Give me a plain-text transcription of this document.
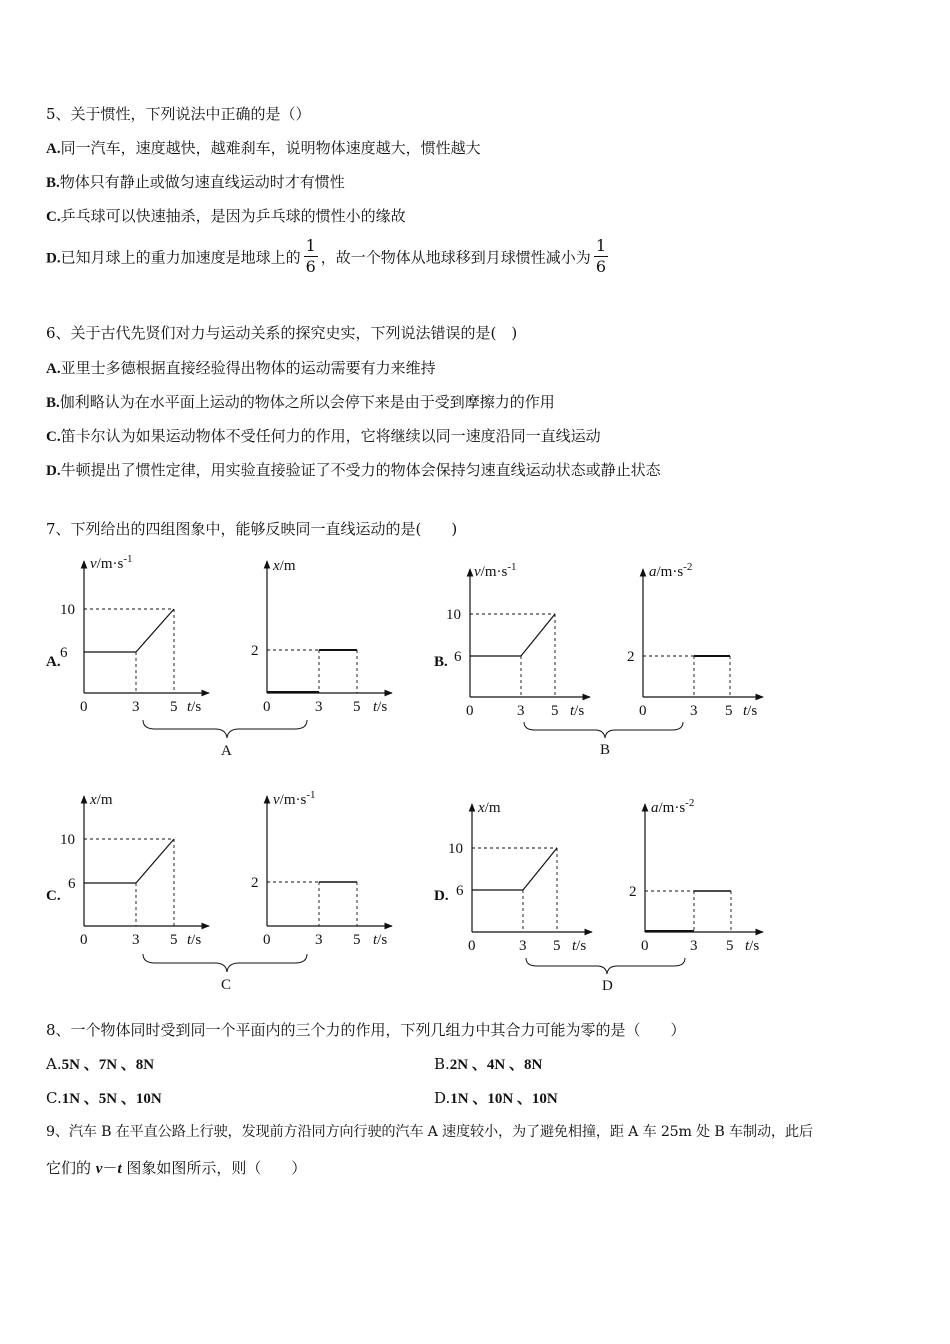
5、关于惯性，下列说法中正确的是（）
A.同一汽车，速度越快，越难刹车，说明物体速度越大，惯性越大
B.物体只有静止或做匀速直线运动时才有惯性
C.乒乓球可以快速抽杀，是因为乒乓球的惯性小的缘故
D.已知月球上的重力加速度是地球上的 $\frac{1}{6}$ ，故一个物体从地球移到月球惯性减小为 $\frac{1}{6}$
6、关于古代先贤们对力与运动关系的探究史实，下列说法错误的是(　)
A.亚里士多德根据直接经验得出物体的运动需要有力来维持
B.伽利略认为在水平面上运动的物体之所以会停下来是由于受到摩擦力的作用
C.笛卡尔认为如果运动物体不受任何力的作用，它将继续以同一速度沿同一直线运动
D.牛顿提出了惯性定律，用实验直接验证了不受力的物体会保持匀速直线运动状态或静止状态
7、下列给出的四组图象中，能够反映同一直线运动的是(　　)
A.
$v/m\cdot s^{-1}$
6
10
0	3 5 t/s
x/m
2
0	3 5 t/s
A
B.
$v/m\cdot s^{-1}$
6
10
0	3 5 t/s
$a/m\cdot s^{-2}$
2
0	3 5 t/s
B
C.
x/m
6
10
0	3 5 t/s
$v/m\cdot s^{-1}$
2
0	3 5 t/s
C
D.
x/m
6
10
0	3 5 t/s
$a/m\cdot s^{-2}$
2
0	3 5 t/s
D
8、一个物体同时受到同一个平面内的三个力的作用，下列几组力中其合力可能为零的是（　　）
A.5N 、7N 、8N	B.2N 、4N 、8N
C.1N 、5N 、10N	D.1N 、10N 、10N
9、汽车 B 在平直公路上行驶，发现前方沿同方向行驶的汽车 A 速度较小，为了避免相撞，距 A 车 25m 处 B 车制动，此后
它们的 v－t 图象如图所示，则（　　）
